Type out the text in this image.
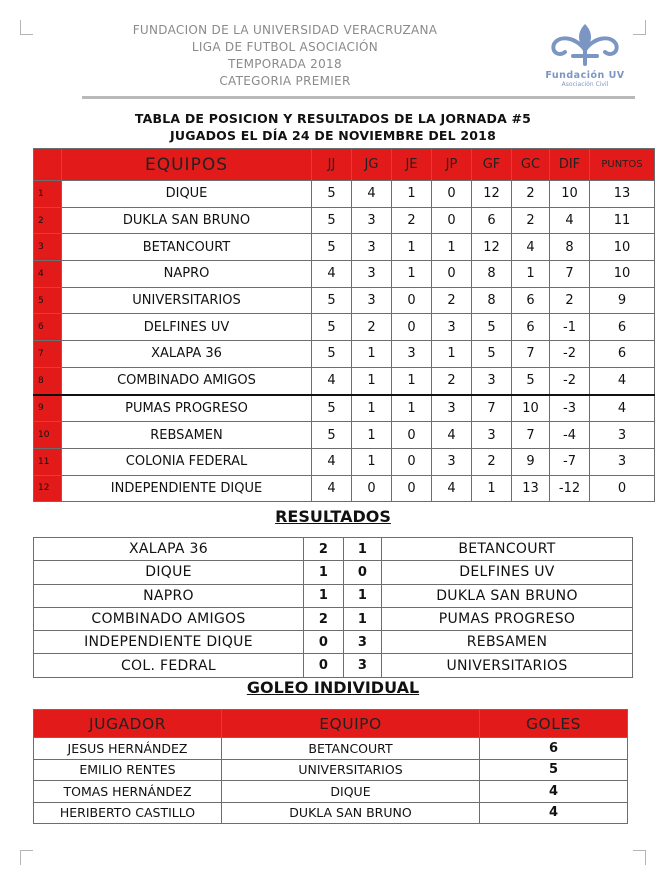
FUNDACION DE LA UNIVERSIDAD VERACRUZANA
LIGA DE FUTBOL ASOCIACIÓN
TEMPORADA 2018
CATEGORIA PREMIER	Fundación UV
Asociación Civil
TABLA DE POSICION Y RESULTADOS DE LA JORNADA #5
JUGADOS EL DÍA 24 DE NOVIEMBRE DEL 2018
	EQUIPOS	JJ	JG	JE	JP	GF	GC	DIF	PUNTOS
1	DIQUE	5	4	1	0	12	2	10	13
2	DUKLA SAN BRUNO	5	3	2	0	6	2	4	11
3	BETANCOURT	5	3	1	1	12	4	8	10
4	NAPRO	4	3	1	0	8	1	7	10
5	UNIVERSITARIOS	5	3	0	2	8	6	2	9
6	DELFINES UV	5	2	0	3	5	6	-1	6
7	XALAPA 36	5	1	3	1	5	7	-2	6
8	COMBINADO AMIGOS	4	1	1	2	3	5	-2	4
9	PUMAS PROGRESO	5	1	1	3	7	10	-3	4
10	REBSAMEN	5	1	0	4	3	7	-4	3
11	COLONIA FEDERAL	4	1	0	3	2	9	-7	3
12	INDEPENDIENTE DIQUE	4	0	0	4	1	13	-12	0
RESULTADOS
XALAPA 36	2	1	BETANCOURT
DIQUE	1	0	DELFINES UV
NAPRO	1	1	DUKLA SAN BRUNO
COMBINADO AMIGOS	2	1	PUMAS PROGRESO
INDEPENDIENTE DIQUE	0	3	REBSAMEN
COL. FEDRAL	0	3	UNIVERSITARIOS
GOLEO INDIVIDUAL
JUGADOR	EQUIPO	GOLES
JESUS HERNÁNDEZ	BETANCOURT	6
EMILIO RENTES	UNIVERSITARIOS	5
TOMAS HERNÁNDEZ	DIQUE	4
HERIBERTO CASTILLO	DUKLA SAN BRUNO	4
